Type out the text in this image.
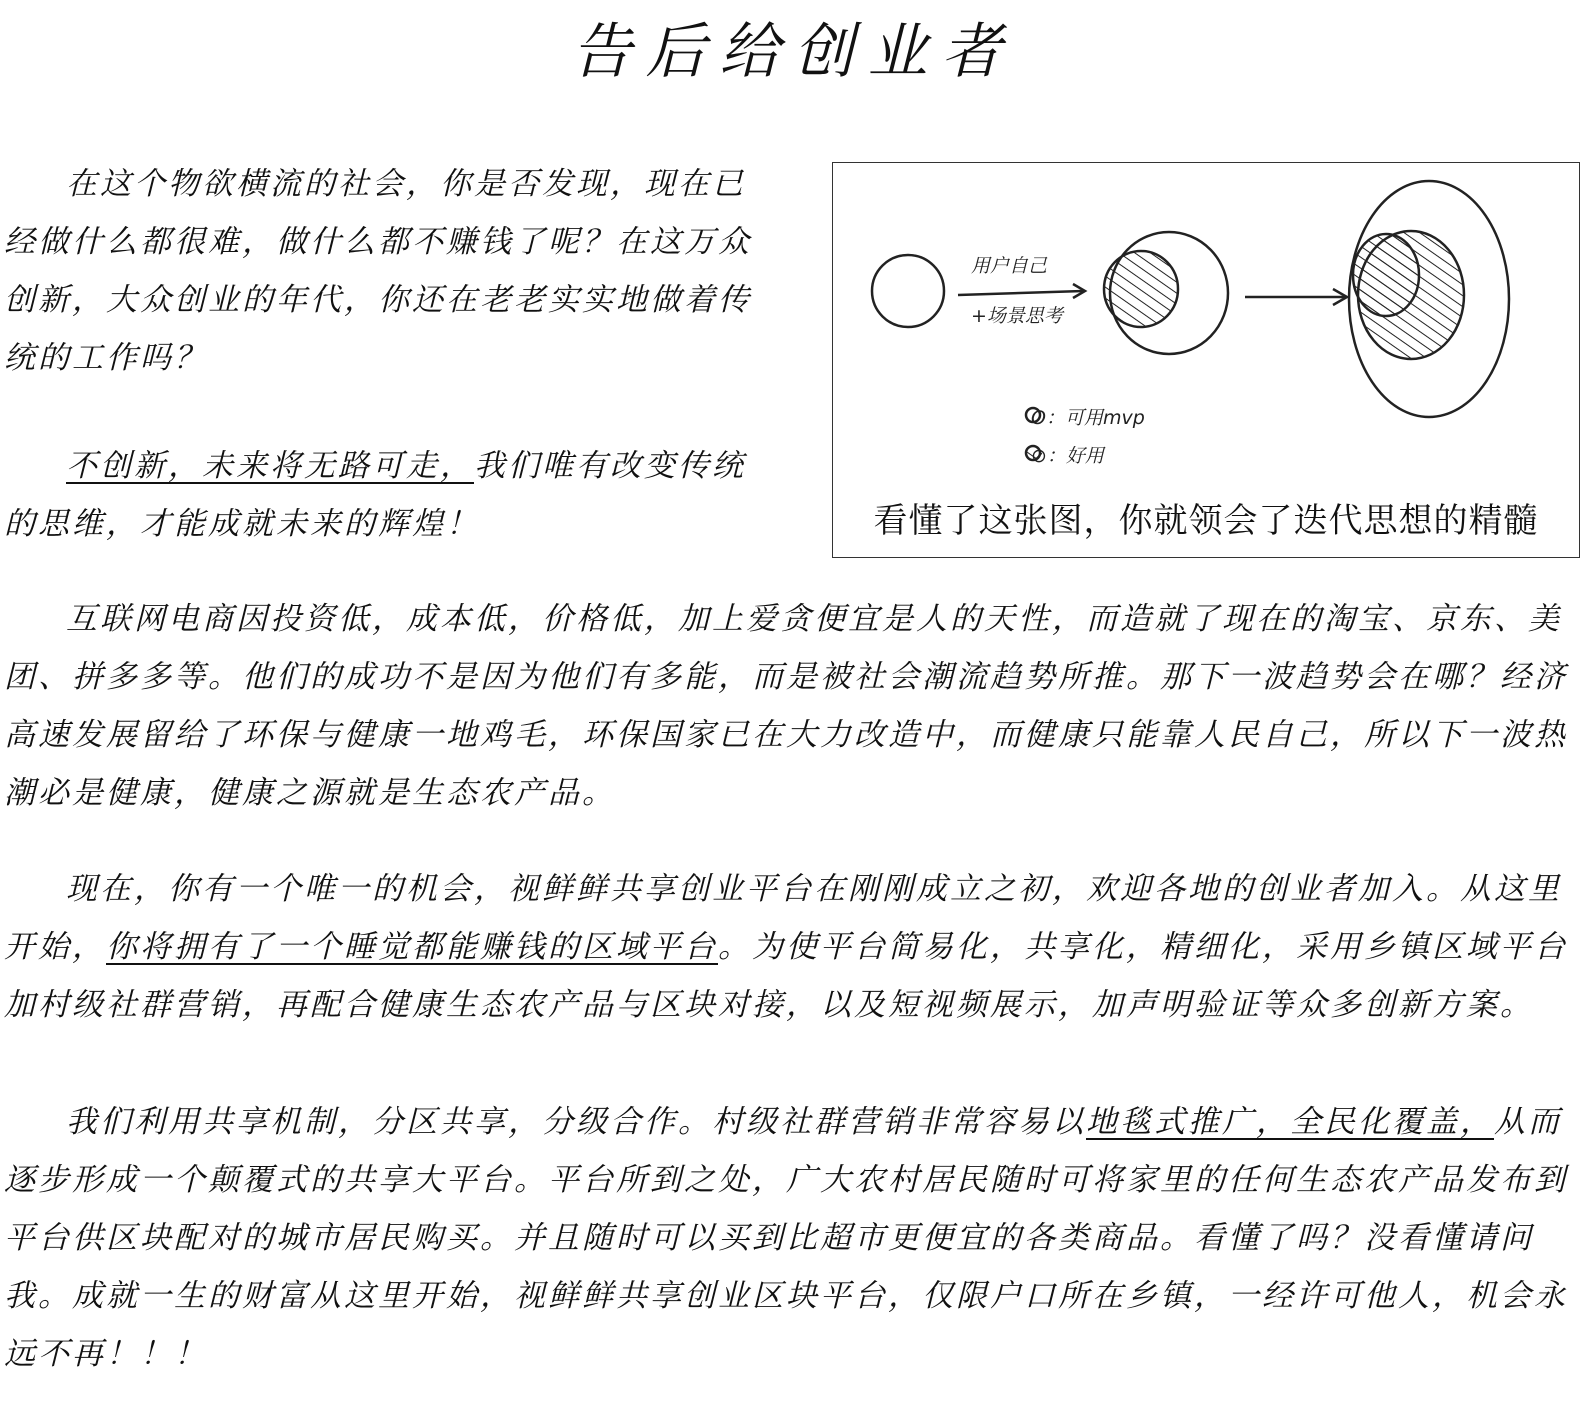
告后给创业者

在这个物欲横流的社会，你是否发现，现在已经做什么都很难，做什么都不赚钱了呢？在这万众创新，大众创业的年代，你还在老老实实地做着传统的工作吗？

不创新，未来将无路可走，我们唯有改变传统的思维，才能成就未来的辉煌！

用户自己
+场景思考
O：可用mvp
⊘：好用
看懂了这张图，你就领会了迭代思想的精髓

互联网电商因投资低，成本低，价格低，加上爱贪便宜是人的天性，而造就了现在的淘宝、京东、美团、拼多多等。他们的成功不是因为他们有多能，而是被社会潮流趋势所推。那下一波趋势会在哪？经济高速发展留给了环保与健康一地鸡毛，环保国家已在大力改造中，而健康只能靠人民自己，所以下一波热潮必是健康，健康之源就是生态农产品。

现在，你有一个唯一的机会，视鲜鲜共享创业平台在刚刚成立之初，欢迎各地的创业者加入。从这里开始，你将拥有了一个睡觉都能赚钱的区域平台。为使平台简易化，共享化，精细化，采用乡镇区域平台加村级社群营销，再配合健康生态农产品与区块对接，以及短视频展示，加声明验证等众多创新方案。

我们利用共享机制，分区共享，分级合作。村级社群营销非常容易以地毯式推广，全民化覆盖，从而逐步形成一个颠覆式的共享大平台。平台所到之处，广大农村居民随时可将家里的任何生态农产品发布到平台供区块配对的城市居民购买。并且随时可以买到比超市更便宜的各类商品。看懂了吗？没看懂请问我。成就一生的财富从这里开始，视鲜鲜共享创业区块平台，仅限户口所在乡镇，一经许可他人，机会永远不再！！！
